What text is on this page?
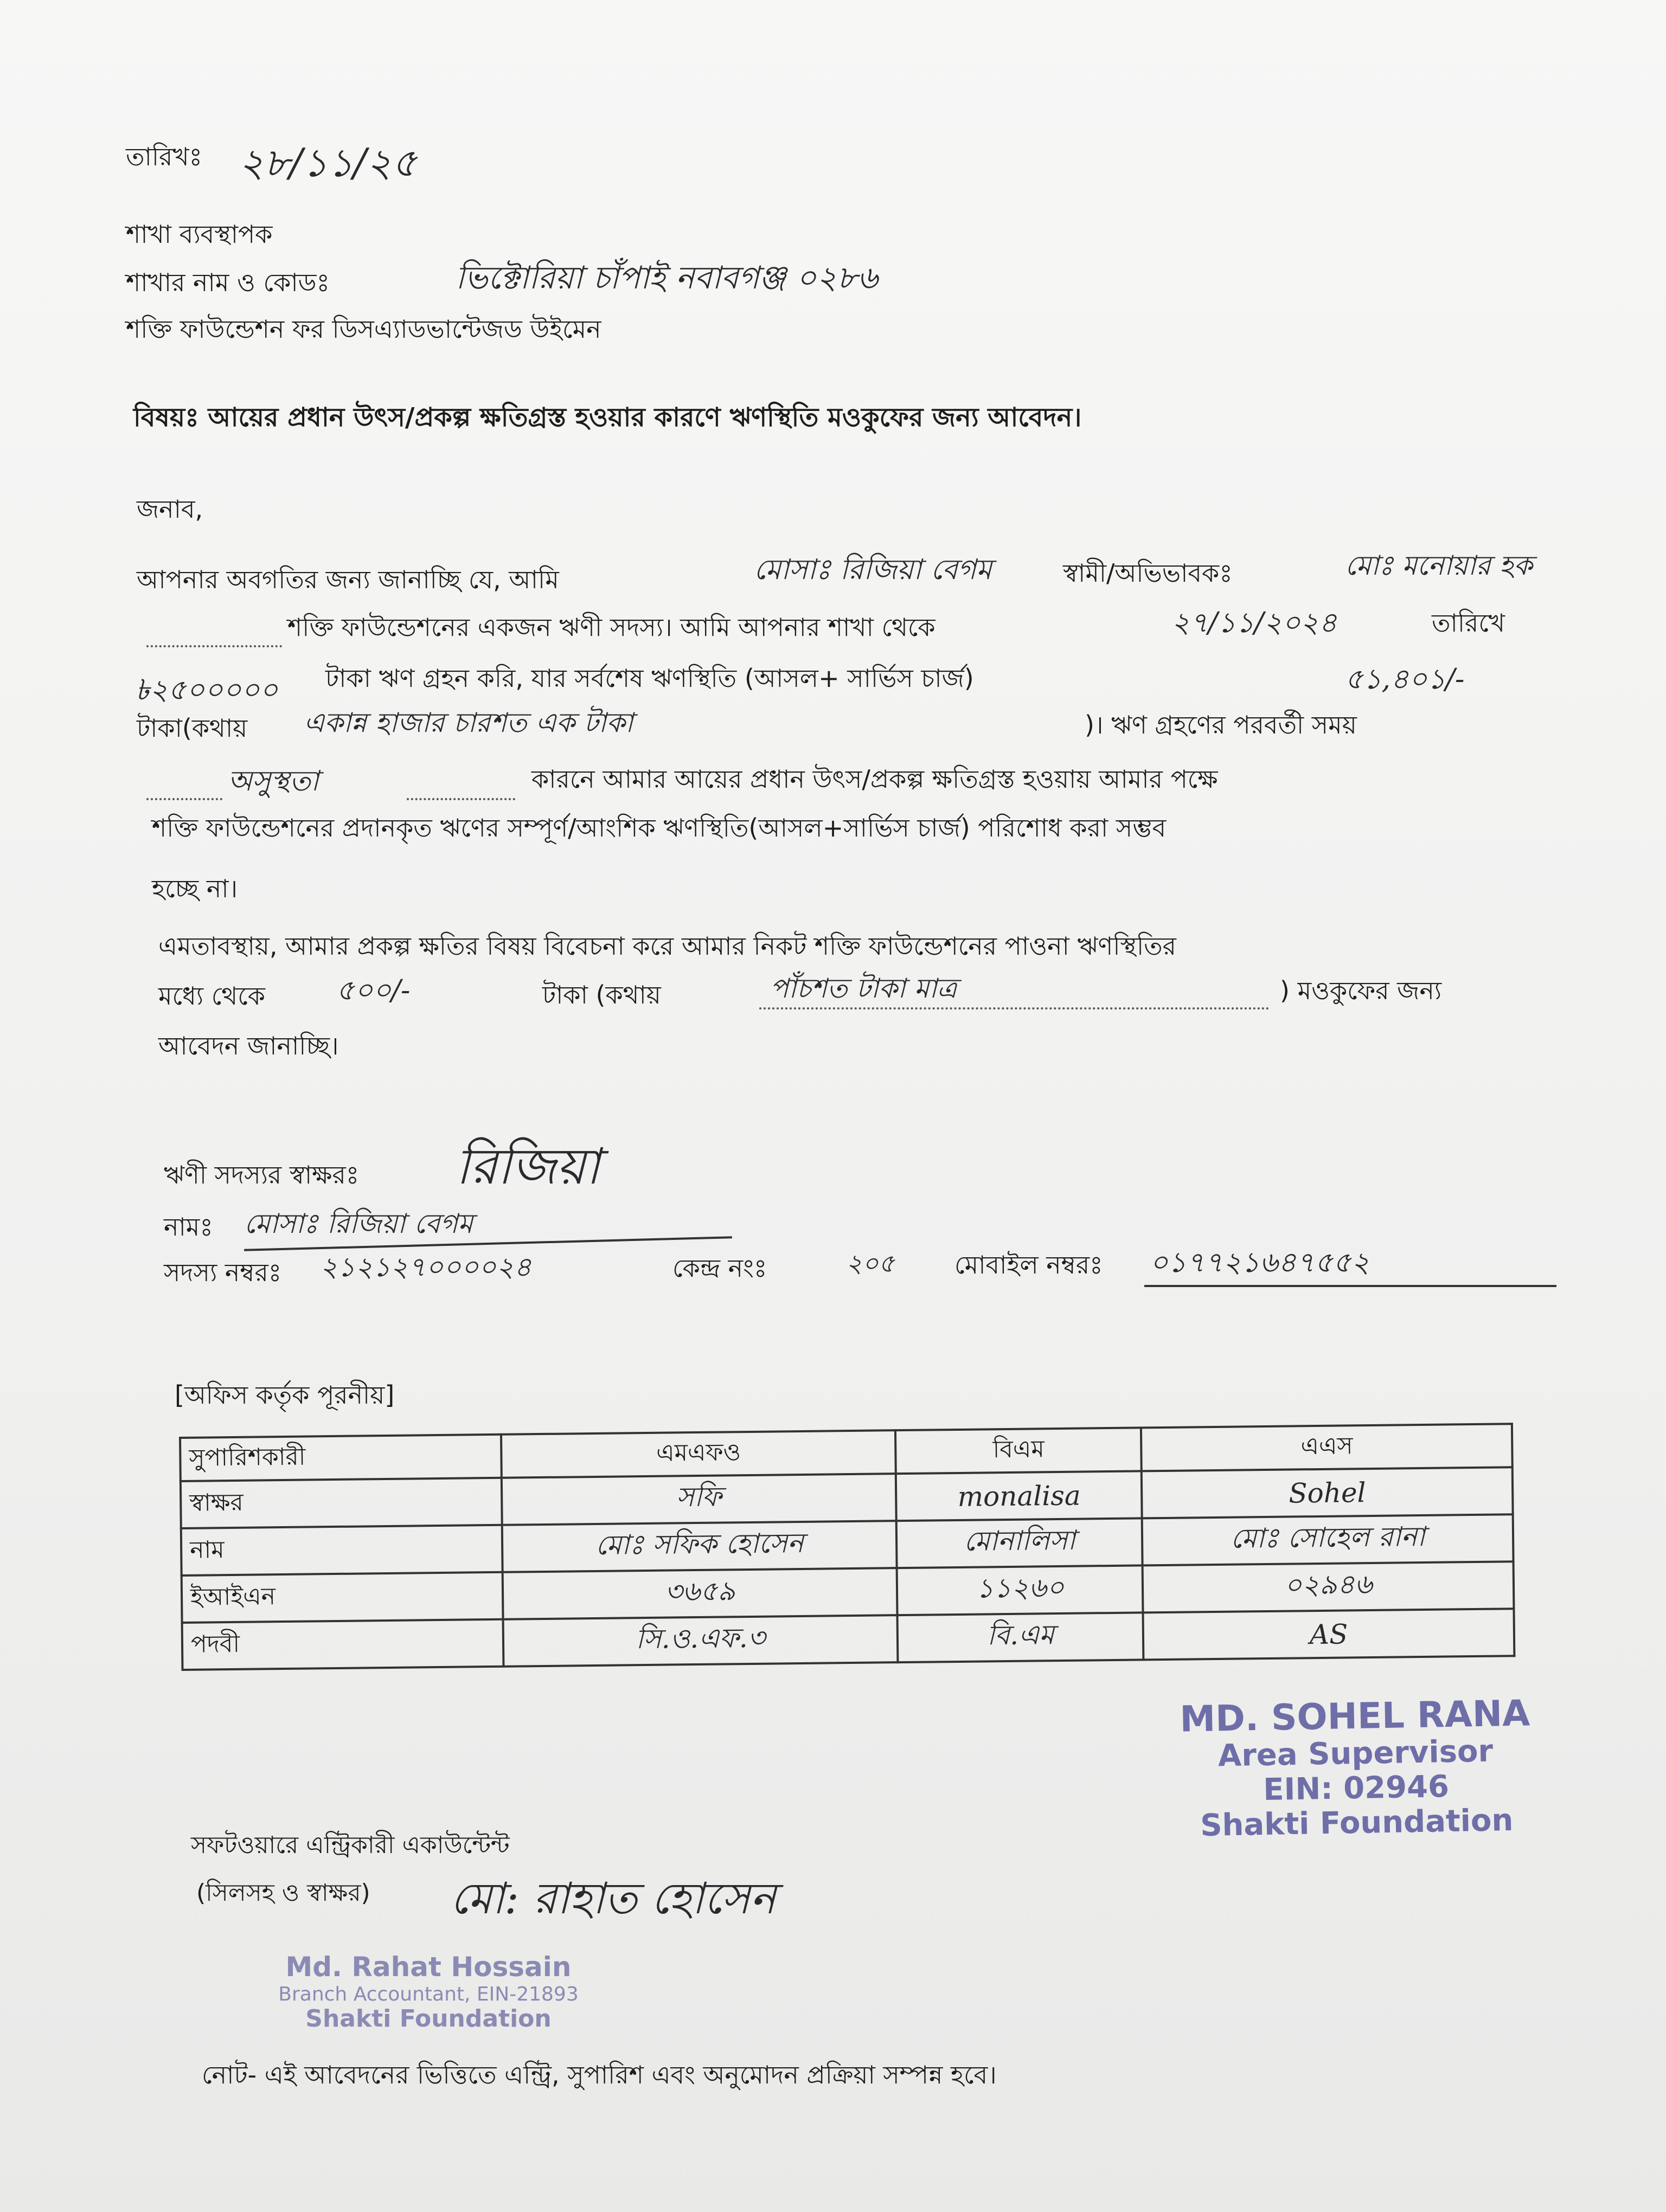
তারিখঃ ২৮/১১/২৫
শাখা ব্যবস্থাপক
শাখার নাম ও কোডঃ	ভিক্টোরিয়া চাঁপাই নবাবগঞ্জ ০২৮৬
শক্তি ফাউন্ডেশন ফর ডিসএ্যাডভান্টেজড উইমেন
বিষয়ঃ আয়ের প্রধান উৎস/প্রকল্প ক্ষতিগ্রস্ত হওয়ার কারণে ঋণস্থিতি মওকুফের জন্য আবেদন।
জনাব,
আপনার অবগতির জন্য জানাচ্ছি যে, আমি	মোসাঃ রিজিয়া বেগম	স্বামী/অভিভাবকঃ	মোঃ মনোয়ার হক
শক্তি ফাউন্ডেশনের একজন ঋণী সদস্য। আমি আপনার শাখা থেকে	২৭/১১/২০২৪	তারিখে
৳২৫০০০০০ টাকা ঋণ গ্রহন করি, যার সর্বশেষ ঋণস্থিতি (আসল+ সার্ভিস চার্জ)	৫১,৪০১/-
টাকা(কথায় একান্ন হাজার চারশত এক টাকা	)। ঋণ গ্রহণের পরবর্তী সময়
অসুস্থতা	কারনে আমার আয়ের প্রধান উৎস/প্রকল্প ক্ষতিগ্রস্ত হওয়ায় আমার পক্ষে
শক্তি ফাউন্ডেশনের প্রদানকৃত ঋণের সম্পূর্ণ/আংশিক ঋণস্থিতি(আসল+সার্ভিস চার্জ) পরিশোধ করা সম্ভব
হচ্ছে না।
এমতাবস্থায়, আমার প্রকল্প ক্ষতির বিষয় বিবেচনা করে আমার নিকট শক্তি ফাউন্ডেশনের পাওনা ঋণস্থিতির
মধ্যে থেকে	৫০০/-	টাকা (কথায়	পাঁচশত টাকা মাত্র	) মওকুফের জন্য
আবেদন জানাচ্ছি।
ঋণী সদস্যর স্বাক্ষরঃ রিজিয়া
নামঃ মোসাঃ রিজিয়া বেগম
সদস্য নম্বরঃ ২১২১২৭০০০০২৪	কেন্দ্র নংঃ	২০৫ মোবাইল নম্বরঃ ০১৭৭২১৬৪৭৫৫২
[অফিস কর্তৃক পূরনীয়]
সুপারিশকারী	এমএফও	বিএম	এএস
স্বাক্ষর	সফি	monalisa	Sohel
নাম	মোঃ সফিক হোসেন	মোনালিসা	মোঃ সোহেল রানা
ইআইএন	৩৬৫৯	১১২৬০	০২৯৪৬
পদবী	সি.ও.এফ.৩	বি.এম	AS
MD. SOHEL RANA
Area Supervisor
EIN: 02946
Shakti Foundation
সফটওয়ারে এন্ট্রিকারী একাউন্টেন্ট
(সিলসহ ও স্বাক্ষর) মো: রাহাত হোসেন
Md. Rahat Hossain
Branch Accountant, EIN-21893
Shakti Foundation
নোট- এই আবেদনের ভিত্তিতে এন্ট্রি, সুপারিশ এবং অনুমোদন প্রক্রিয়া সম্পন্ন হবে।
